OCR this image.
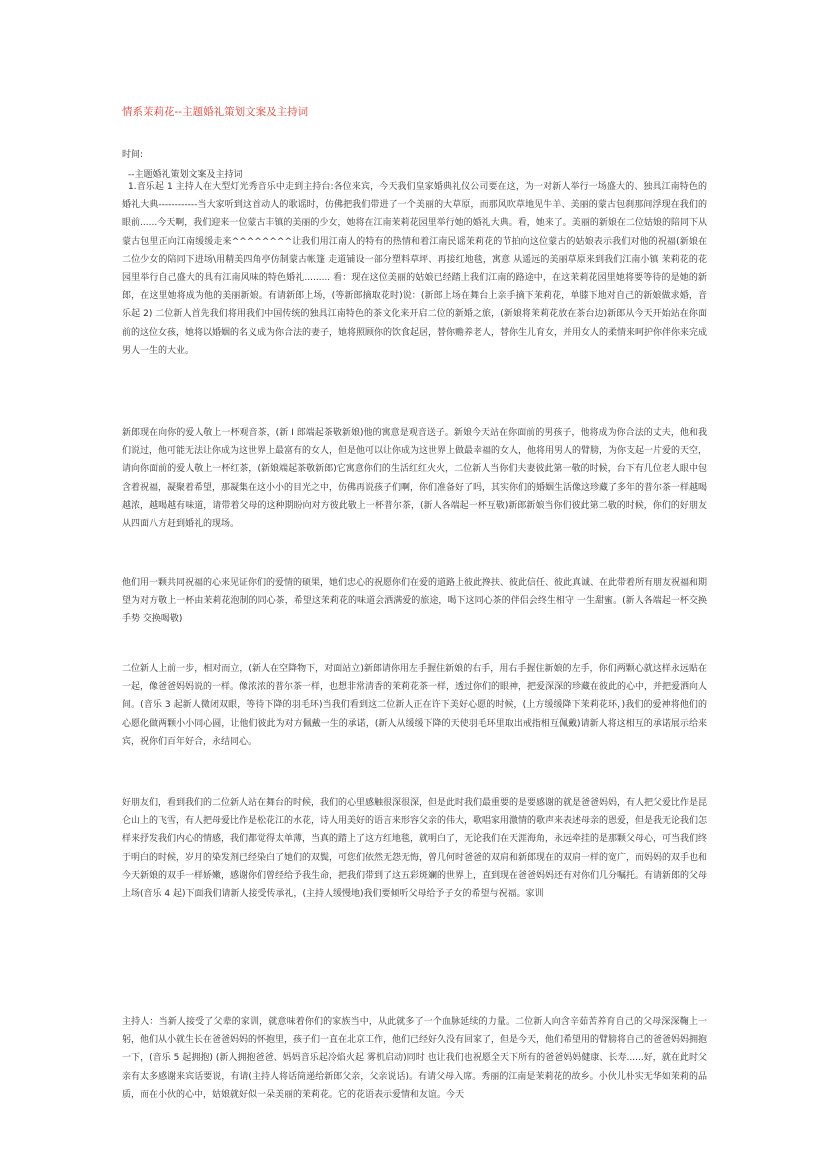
情系茉莉花--主题婚礼策划文案及主持词
时间:
--主题婚礼策划文案及主持词

1.音乐起 1 主持人在大型灯光秀音乐中走到主持台:各位来宾，今天我们皇家婚典礼仪公司要在这，为一对新人举行一场盛大的、独具江南特色的婚礼大典------------当大家听到这首动人的歌谣时，仿佛把我们带进了一个美丽的大草原，而那风吹草地见牛羊、美丽的蒙古包刹那间浮现在我们的眼前......今天啊，我们迎来一位蒙古丰镇的美丽的少女，她将在江南茉莉花园里举行她的婚礼大典。看，她来了。美丽的新娘在二位姑娘的陪同下从蒙古包里正向江南缓缓走来^^^^^^^^让我们用江南人的特有的热情和着江南民谣茉莉花的节拍向这位蒙古的姑娘表示我们对他的祝福(新娘在二位少女的陪同下进场\用精美四角亭仿制蒙古帐篷 走道铺设一部分塑料草坪、再接红地毯，寓意 从遥远的美丽草原来到我们江南小镇 茉莉花的花园里举行自己盛大的具有江南风味的特色婚礼......... 看：现在这位美丽的姑娘已经踏上我们江南的路途中，在这茉莉花园里她将要等待的是她的新郎，在这里她将成为他的美丽新娘。有请新郎上场，(等新郎摘取花时)说：(新郎上场在舞台上亲手摘下茉莉花，单膝下地对自己的新娘做求婚，音乐起 2) 二位新人首先我们将用我们中国传统的独具江南特色的茶文化来开启二位的新婚之旅，(新娘将茉莉花放在茶台边)新郎从今天开始站在你面前的这位女孩，她将以婚姻的名义成为你合法的妻子，她将照顾你的饮食起居，替你赡养老人，替你生儿育女，并用女人的柔情来呵护你伴你来完成男人一生的大业。

新郎现在向你的爱人敬上一杯观音茶，(新 I 郎端起茶敬新娘)他的寓意是观音送子。新娘今天站在你面前的男孩子，他将成为你合法的丈夫，他和我们说过，他可能无法让你成为这世界上最富有的女人，但是他可以让你成为这世界上做最幸福的女人，他将用男人的臂膀，为你支起一片爱的天空，请向你面前的爱人敬上一杯红茶，(新娘端起茶敬新郎)它寓意你们的生活红红火火，二位新人当你们夫妻彼此第一敬的时候，台下有几位老人眼中包含着祝福，凝聚着希望，那凝集在这小小的目光之中，仿佛再说孩子们啊，你们准备好了吗，其实你们的婚姻生活像这珍藏了多年的普尔茶一样越喝越浓，越喝越有味道，请带着父母的这种期盼向对方彼此敬上一杯普尔茶，(新人各端起一杯互敬)新郎新娘当你们彼此第二敬的时候，你们的好朋友从四面八方赶到婚礼的现场。

他们用一颗共同祝福的心来见证你们的爱情的硕果，她们忠心的祝愿你们在爱的道路上彼此搀扶、彼此信任、彼此真诚、在此带着所有朋友祝福和期望为对方敬上一杯由茉莉花泡制的同心茶，希望这茉莉花的味道会洒满爱的旅途，喝下这同心茶的伴侣会终生相守 一生甜蜜。(新人各端起一杯交换手势 交换喝敬)

二位新人上前一步，相对而立，(新人在空降物下，对面站立)新郎请你用左手握住新娘的右手，用右手握住新娘的左手，你们两颗心就这样永远贴在一起，像爸爸妈妈说的一样。像浓浓的普尔茶一样，也想非常清香的茉莉花茶一样，透过你们的眼神，把爱深深的珍藏在彼此的心中，并把爱洒向人间。(音乐 3 起新人微闭双眼，等待下降的羽毛环)当我们看到这二位新人正在许下美好心愿的时候，(上方缓缓降下茉莉花环，)我们的爱神将他们的心愿化做两颗小小同心圆，让他们彼此为对方佩戴一生的承诺，(新人从缓缓下降的天使羽毛环里取出戒指相互佩戴)请新人将这相互的承诺展示给来宾，祝你们百年好合，永结同心。

好朋友们，看到我们的二位新人站在舞台的时候，我们的心里感触很深很深，但是此时我们最重要的是要感谢的就是爸爸妈妈，有人把父爱比作是昆仑山上的飞雪，有人把母爱比作是松花江的水花，诗人用美好的语言来形容父亲的伟大，歌唱家用激情的歌声来表述母亲的恩爱，但是我无论我们怎样来抒发我们内心的情感，我们都觉得太单薄，当真的踏上了这方红地毯，就明白了，无论我们在天涯海角，永远牵挂的是那颗父母心，可当我们终于明白的时候，岁月的染发剂已经染白了她们的双鬓，可您们依然无怨无悔，曾几何时爸爸的双肩和新郎现在的双肩一样的宽广，而妈妈的双手也和今天新娘的双手一样娇嫩，感谢你们曾经给予我生命，把我们带到了这五彩斑斓的世界上，直到现在爸爸妈妈还有对你们几分嘱托。有请新郎的父母上场(音乐 4 起)下面我们请新人接受传承礼，(主持人缓慢地)我们要倾听父母给予子女的希望与祝福。家训

主持人：当新人接受了父辈的家训，就意味着你们的家族当中，从此就多了一个血脉延续的力量。二位新人向含辛茹苦养育自己的父母深深鞠上一躬，他们从小就生长在爸爸妈妈的怀抱里，孩子们一直在北京工作，他们已经好久没有回家了，但是今天，他们希望用的臂膀将自己的爸爸妈妈拥抱一下，(音乐 5 起拥抱) (新人拥抱爸爸、妈妈音乐起冷焰火起 雾机启动)同时 也让我们也祝愿全天下所有的爸爸妈妈健康、长寿......好，就在此时父亲有太多感谢来宾话要说，有请(主持人将话筒递给新郎父亲，父亲说话)。有请父母入席。秀丽的江南是茉莉花的故乡。小伙儿朴实无华如茉莉的品质，而在小伙的心中，姑娘就好似一朵美丽的茉莉花。它的花语表示爱情和友谊。今天
